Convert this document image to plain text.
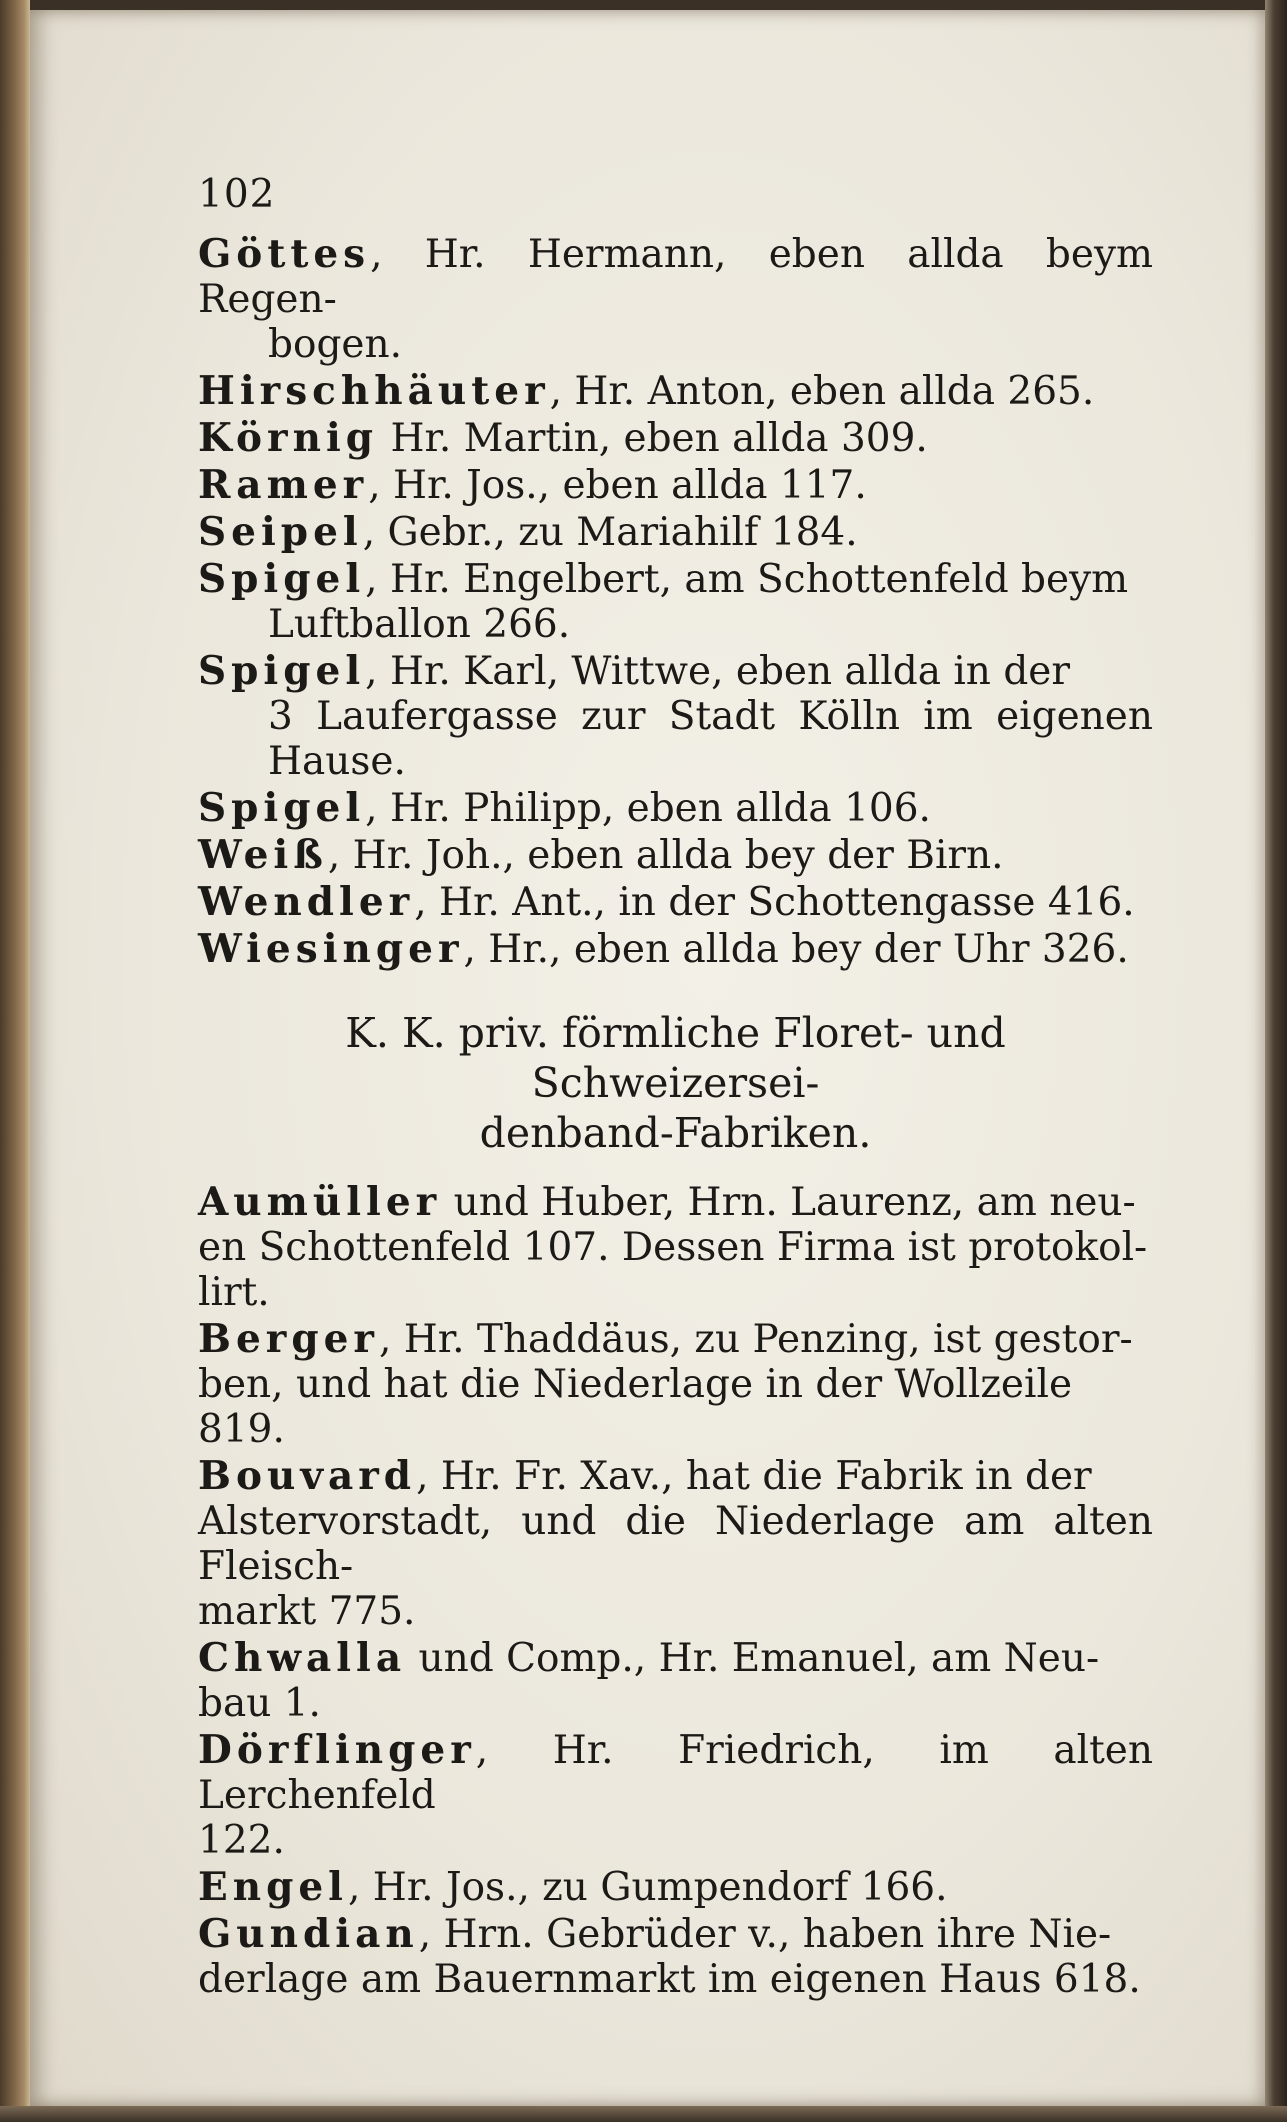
102
Göttes, Hr. Hermann, eben allda beym Regen-
bogen.
Hirschhäuter, Hr. Anton, eben allda 265.
Körnig Hr. Martin, eben allda 309.
Ramer, Hr. Jos., eben allda 117.
Seipel, Gebr., zu Mariahilf 184.
Spigel, Hr. Engelbert, am Schottenfeld beym
Luftballon 266.
Spigel, Hr. Karl, Wittwe, eben allda in der
3 Laufergasse zur Stadt Kölln im eigenen Hause.
Spigel, Hr. Philipp, eben allda 106.
Weiß, Hr. Joh., eben allda bey der Birn.
Wendler, Hr. Ant., in der Schottengasse 416.
Wiesinger, Hr., eben allda bey der Uhr 326.
K. K. priv. förmliche Floret- und Schweizersei-
denband-Fabriken.
Aumüller und Huber, Hrn. Laurenz, am neu-
en Schottenfeld 107. Dessen Firma ist protokol-
lirt.
Berger, Hr. Thaddäus, zu Penzing, ist gestor-
ben, und hat die Niederlage in der Wollzeile
819.
Bouvard, Hr. Fr. Xav., hat die Fabrik in der
Alstervorstadt, und die Niederlage am alten Fleisch-
markt 775.
Chwalla und Comp., Hr. Emanuel, am Neu-
bau 1.
Dörflinger, Hr. Friedrich, im alten Lerchenfeld
122.
Engel, Hr. Jos., zu Gumpendorf 166.
Gundian, Hrn. Gebrüder v., haben ihre Nie-
derlage am Bauernmarkt im eigenen Haus 618.
